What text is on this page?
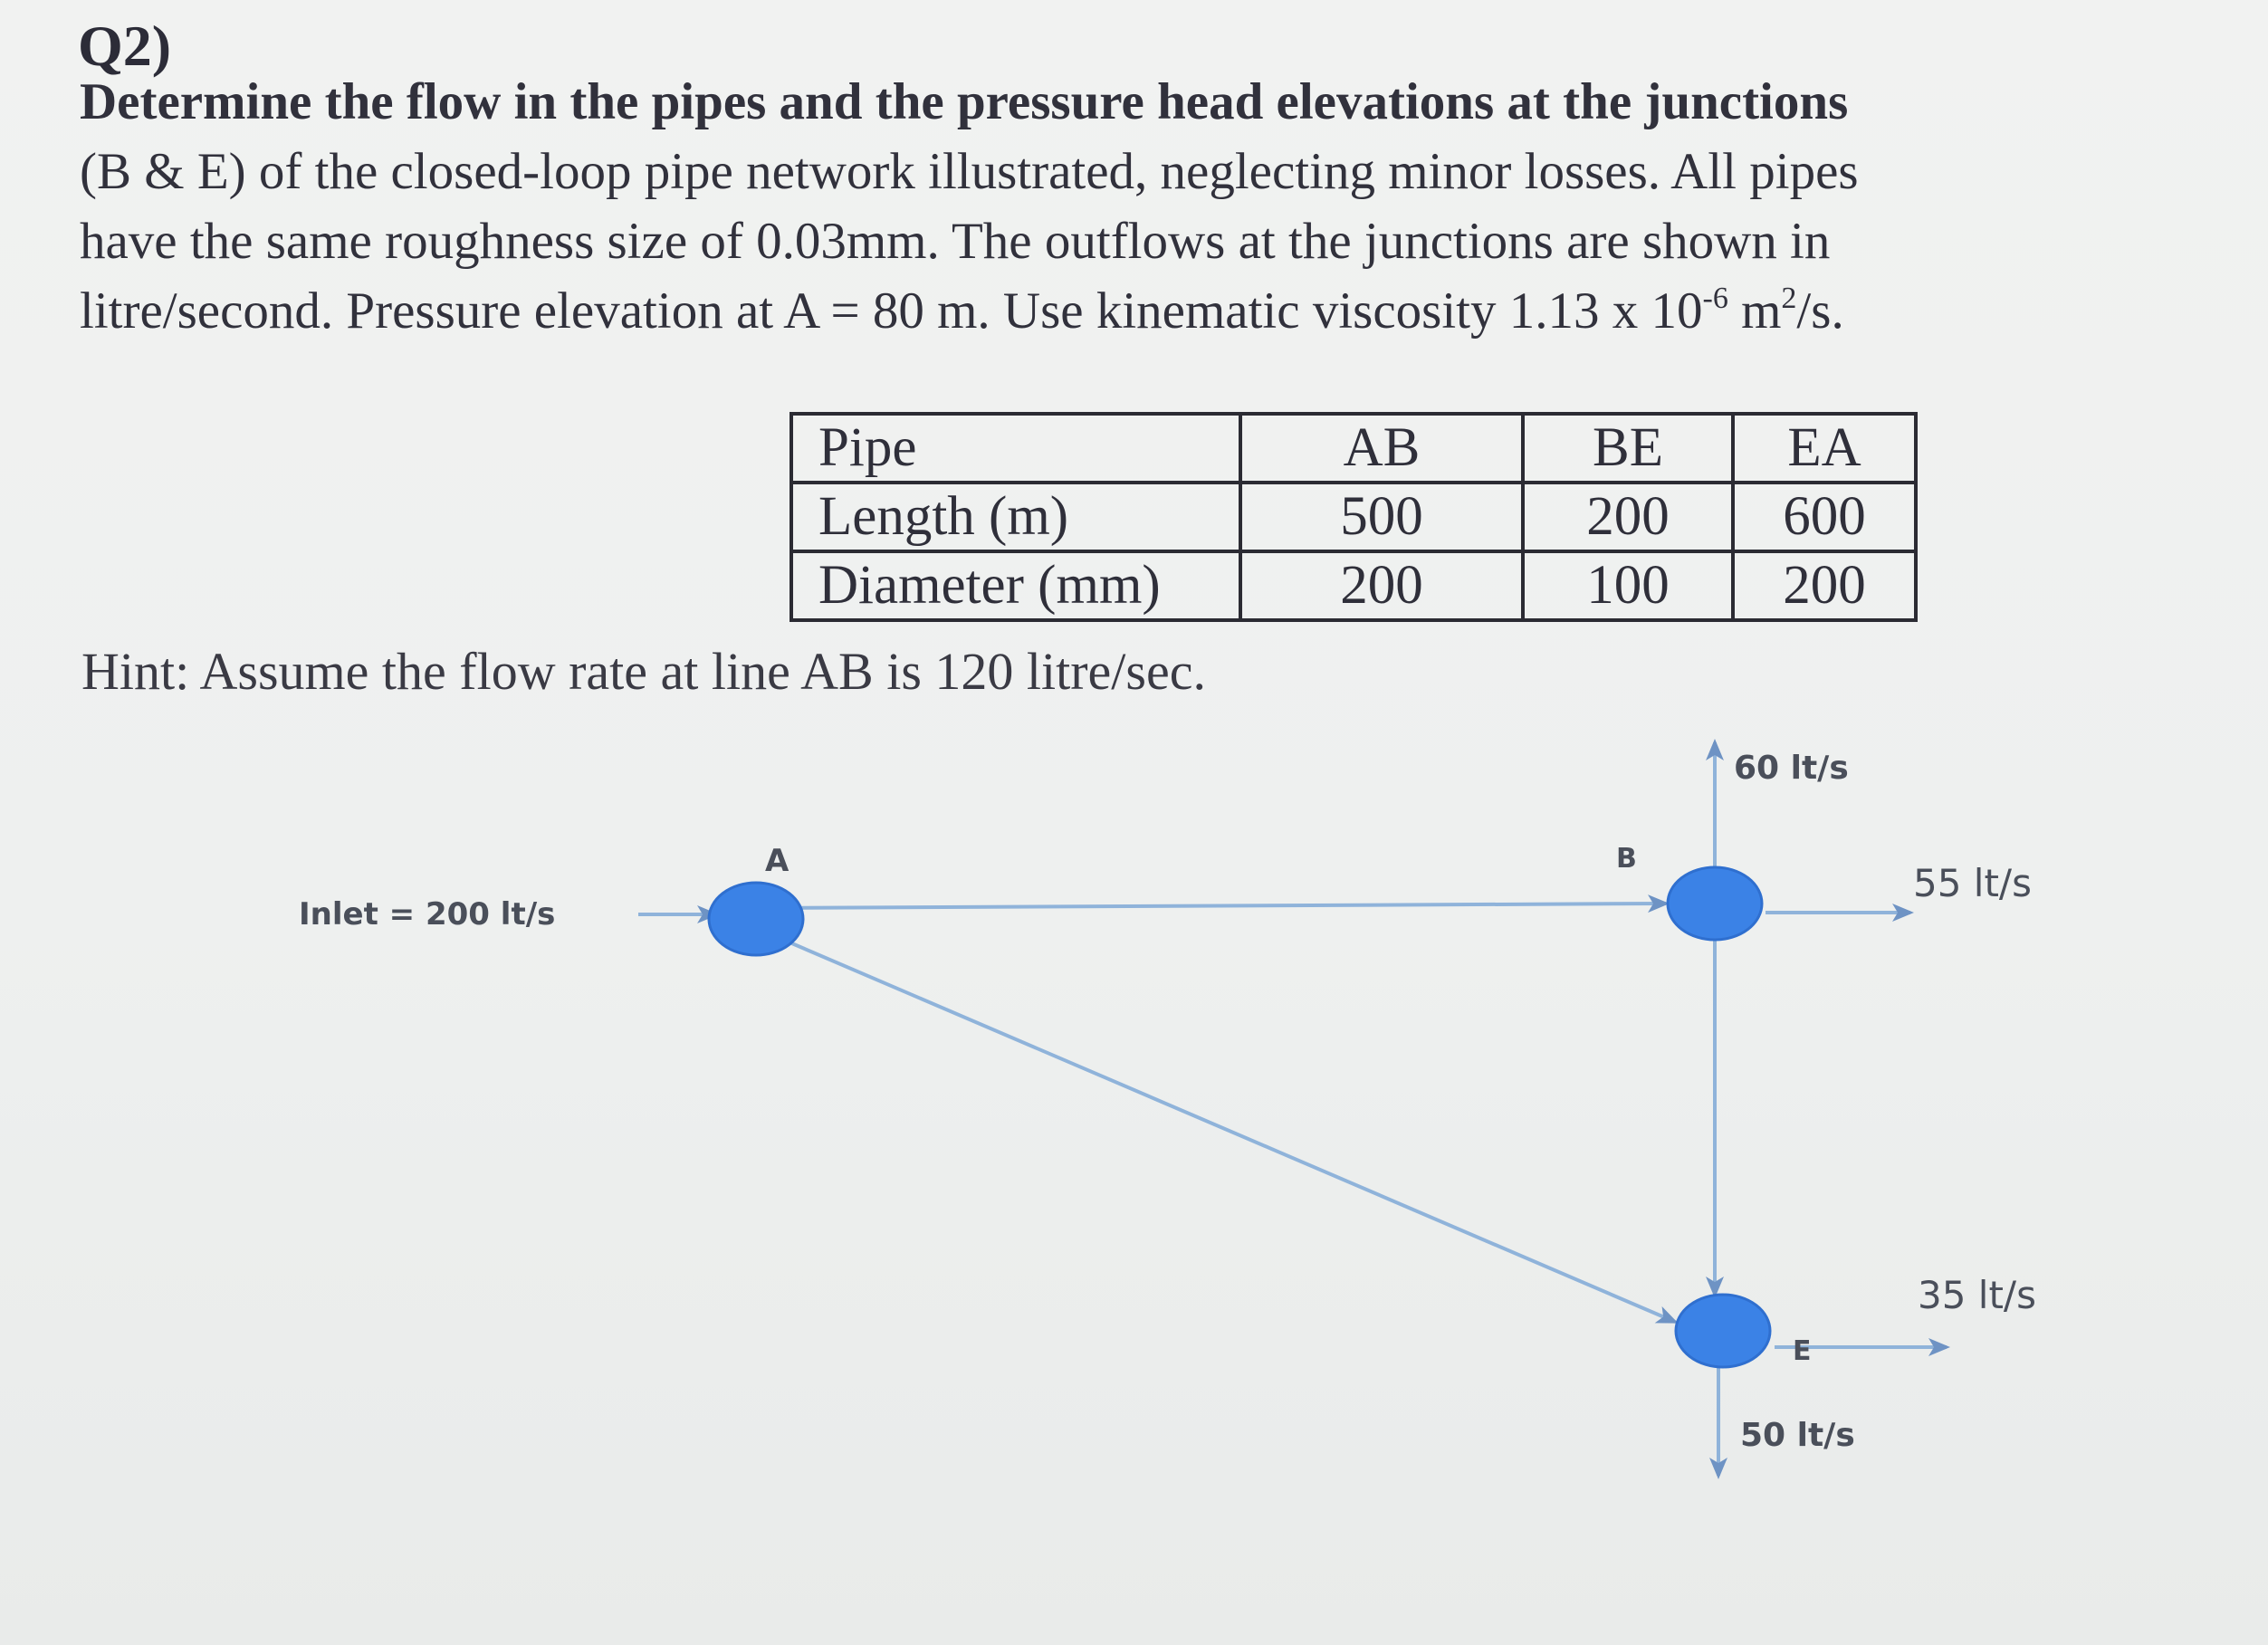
Q2)
Determine the flow in the pipes and the pressure head elevations at the junctions
(B & E) of the closed-loop pipe network illustrated, neglecting minor losses. All pipes
have the same roughness size of 0.03mm. The outflows at the junctions are shown in
litre/second. Pressure elevation at A = 80 m. Use kinematic viscosity 1.13 x $10^{-6}$ $m^2/s$.
Pipe	AB	BE	EA
Length (m)	500	200	600
Diameter (mm)	200	100	200
Hint: Assume the flow rate at line AB is 120 litre/sec.
A	B
E
Inlet = 200 lt/s
60 lt/s
55 lt/s
35 lt/s
50 lt/s
